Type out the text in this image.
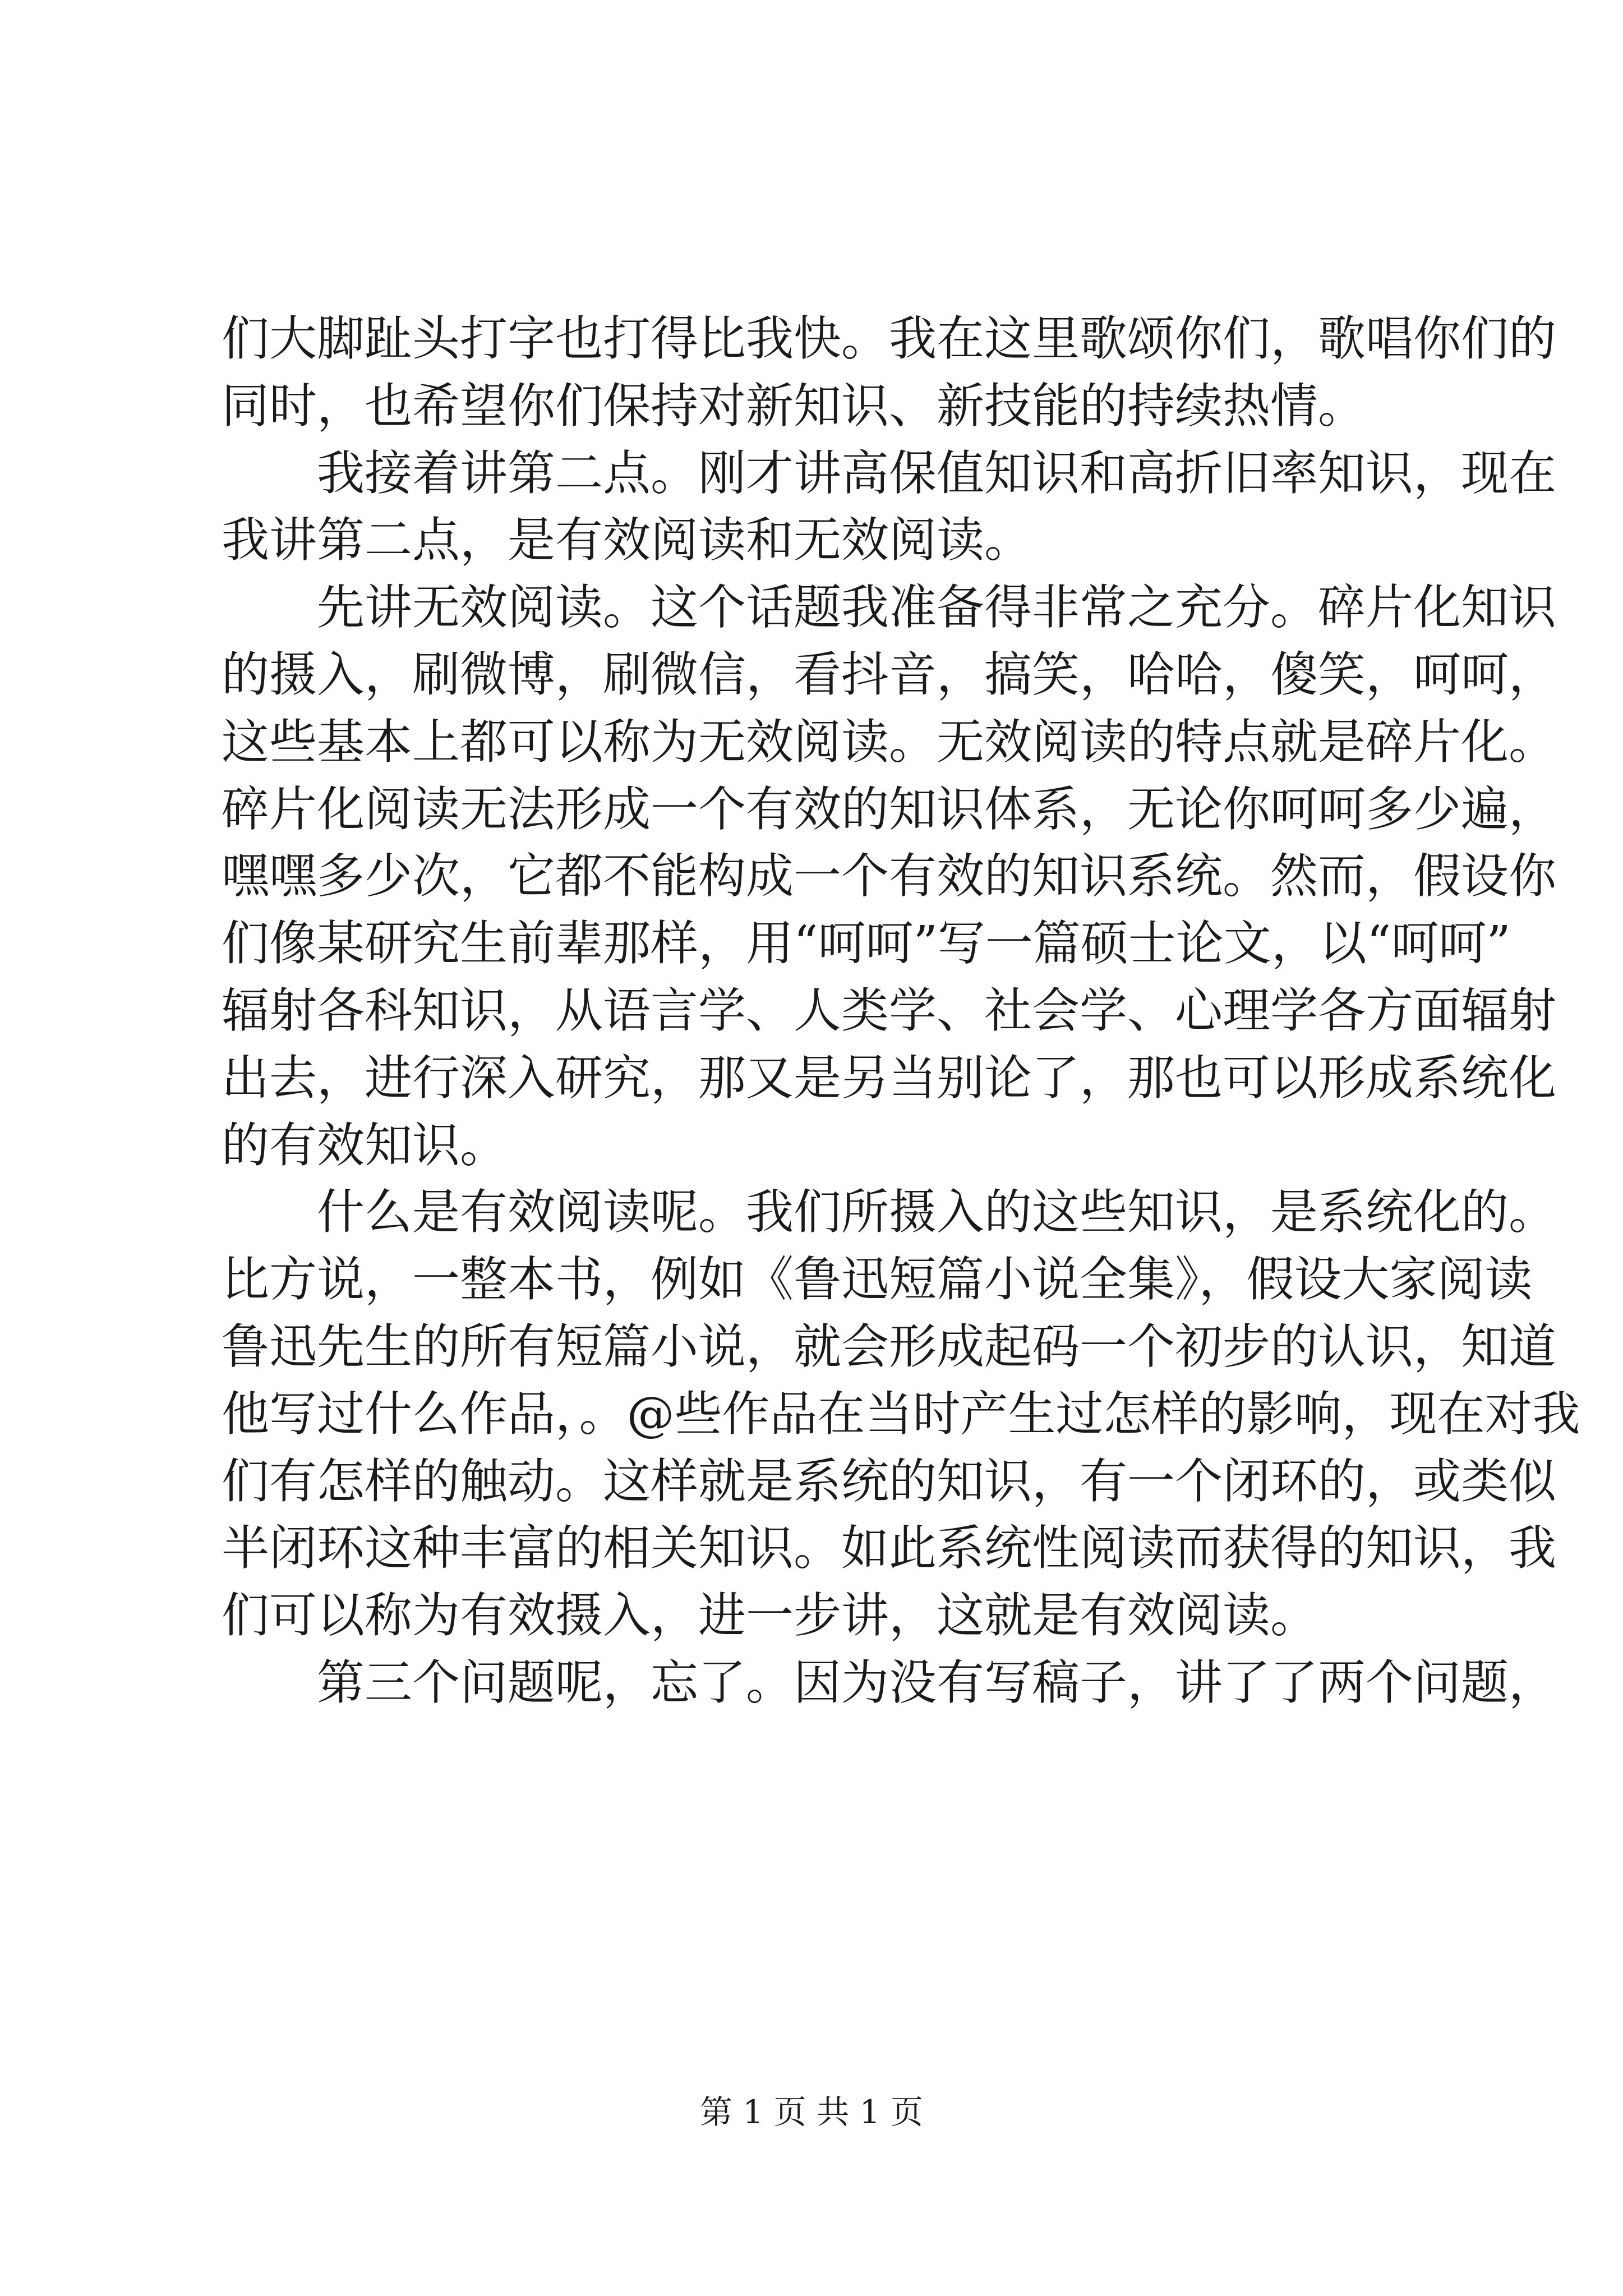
们大脚趾头打字也打得比我快。我在这里歌颂你们，歌唱你们的
同时，也希望你们保持对新知识、新技能的持续热情。
我接着讲第二点。刚才讲高保值知识和高折旧率知识，现在
我讲第二点，是有效阅读和无效阅读。
先讲无效阅读。这个话题我准备得非常之充分。碎片化知识
的摄入，刷微博，刷微信，看抖音，搞笑，哈哈，傻笑，呵呵，
这些基本上都可以称为无效阅读。无效阅读的特点就是碎片化。
碎片化阅读无法形成一个有效的知识体系，无论你呵呵多少遍，
嘿嘿多少次，它都不能构成一个有效的知识系统。然而，假设你
们像某研究生前辈那样，用“呵呵”写一篇硕士论文，以“呵呵”
辐射各科知识，从语言学、人类学、社会学、心理学各方面辐射
出去，进行深入研究，那又是另当别论了，那也可以形成系统化
的有效知识。
什么是有效阅读呢。我们所摄入的这些知识，是系统化的。
比方说，一整本书，例如《鲁迅短篇小说全集》，假设大家阅读
鲁迅先生的所有短篇小说，就会形成起码一个初步的认识，知道
他写过什么作品，。@些作品在当时产生过怎样的影响，现在对我
们有怎样的触动。这样就是系统的知识，有一个闭环的，或类似
半闭环这种丰富的相关知识。如此系统性阅读而获得的知识，我
们可以称为有效摄入，进一步讲，这就是有效阅读。
第三个问题呢，忘了。因为没有写稿子，讲了了两个问题，
第 1 页 共 1 页
